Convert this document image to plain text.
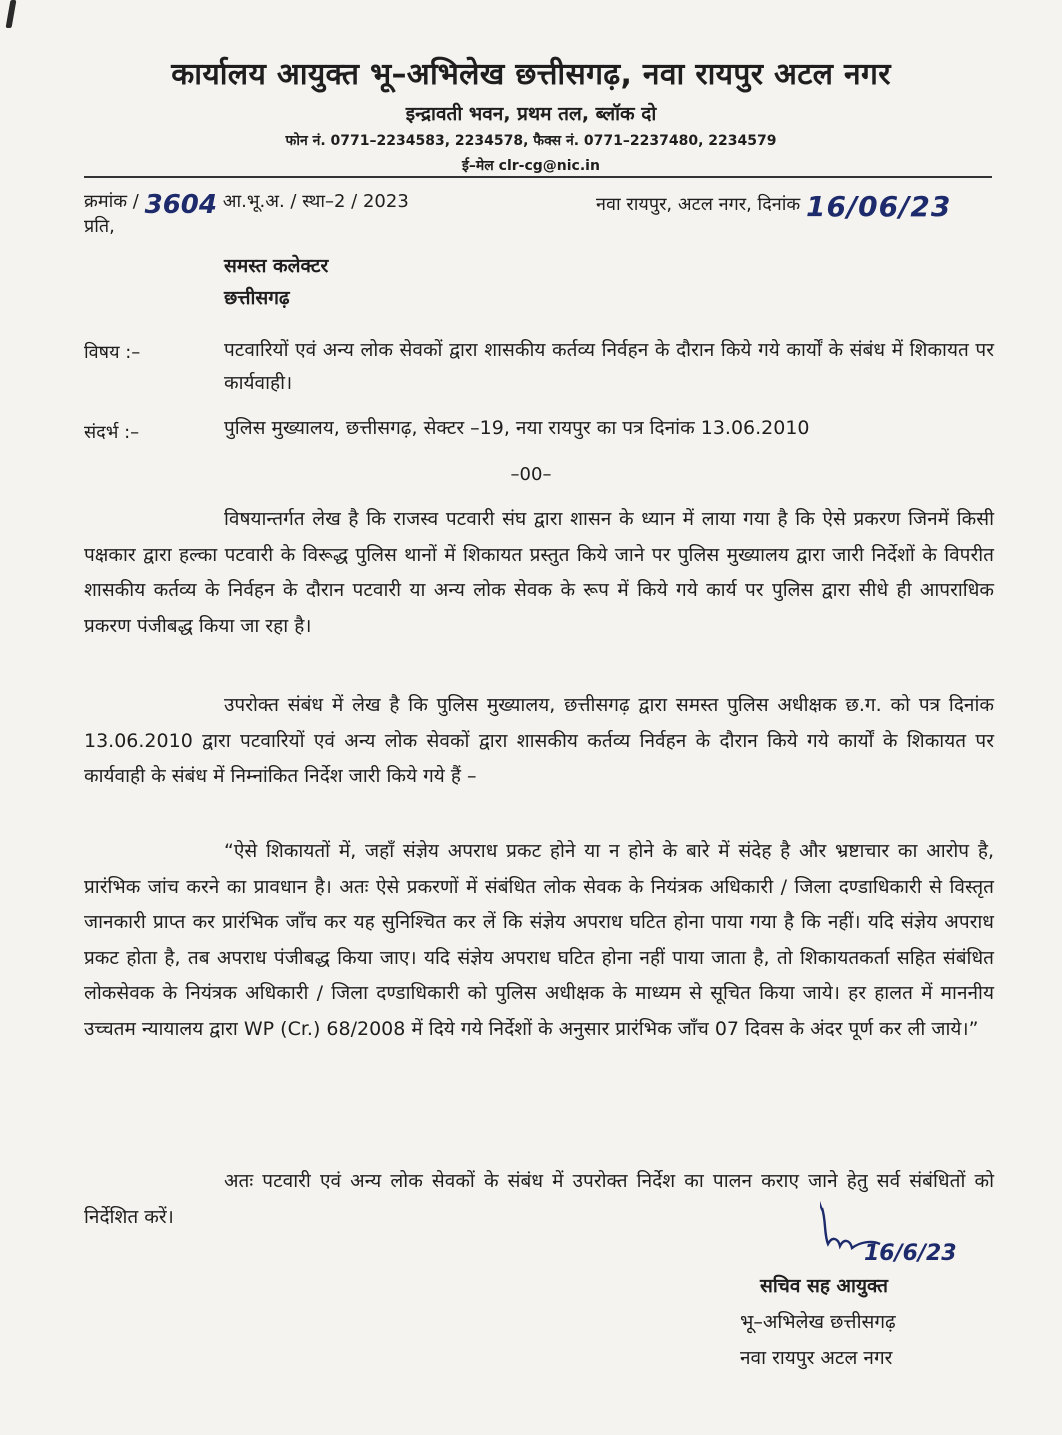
कार्यालय आयुक्त भू–अभिलेख छत्तीसगढ़, नवा रायपुर अटल नगर
इन्द्रावती भवन, प्रथम तल, ब्लॉक दो
फोन नं. 0771–2234583, 2234578, फैक्स नं. 0771–2237480, 2234579
ई–मेल clr-cg@nic.in
क्रमांक / 3604 आ.भू.अ. / स्था–2 / 2023	नवा रायपुर, अटल नगर, दिनांक 16/06/23
प्रति,
समस्त कलेक्टर
छत्तीसगढ़
विषय :–	पटवारियों एवं अन्य लोक सेवकों द्वारा शासकीय कर्तव्य निर्वहन के दौरान किये गये कार्यों के संबंध में शिकायत पर कार्यवाही।
संदर्भ :–	पुलिस मुख्यालय, छत्तीसगढ़, सेक्टर –19, नया रायपुर का पत्र दिनांक 13.06.2010
–00–
विषयान्तर्गत लेख है कि राजस्व पटवारी संघ द्वारा शासन के ध्यान में लाया गया है कि ऐसे प्रकरण जिनमें किसी पक्षकार द्वारा हल्का पटवारी के विरूद्ध पुलिस थानों में शिकायत प्रस्तुत किये जाने पर पुलिस मुख्यालय द्वारा जारी निर्देशों के विपरीत शासकीय कर्तव्य के निर्वहन के दौरान पटवारी या अन्य लोक सेवक के रूप में किये गये कार्य पर पुलिस द्वारा सीधे ही आपराधिक प्रकरण पंजीबद्ध किया जा रहा है।
उपरोक्त संबंध में लेख है कि पुलिस मुख्यालय, छत्तीसगढ़ द्वारा समस्त पुलिस अधीक्षक छ.ग. को पत्र दिनांक 13.06.2010 द्वारा पटवारियों एवं अन्य लोक सेवकों द्वारा शासकीय कर्तव्य निर्वहन के दौरान किये गये कार्यों के शिकायत पर कार्यवाही के संबंध में निम्नांकित निर्देश जारी किये गये हैं –
“ऐसे शिकायतों में, जहाँ संज्ञेय अपराध प्रकट होने या न होने के बारे में संदेह है और भ्रष्टाचार का आरोप है, प्रारंभिक जांच करने का प्रावधान है। अतः ऐसे प्रकरणों में संबंधित लोक सेवक के नियंत्रक अधिकारी / जिला दण्डाधिकारी से विस्तृत जानकारी प्राप्त कर प्रारंभिक जाँच कर यह सुनिश्चित कर लें कि संज्ञेय अपराध घटित होना पाया गया है कि नहीं। यदि संज्ञेय अपराध प्रकट होता है, तब अपराध पंजीबद्ध किया जाए। यदि संज्ञेय अपराध घटित होना नहीं पाया जाता है, तो शिकायतकर्ता सहित संबंधित लोकसेवक के नियंत्रक अधिकारी / जिला दण्डाधिकारी को पुलिस अधीक्षक के माध्यम से सूचित किया जाये। हर हालत में माननीय उच्चतम न्यायालय द्वारा WP (Cr.) 68/2008 में दिये गये निर्देशों के अनुसार प्रारंभिक जाँच 07 दिवस के अंदर पूर्ण कर ली जाये।”
अतः पटवारी एवं अन्य लोक सेवकों के संबंध में उपरोक्त निर्देश का पालन कराए जाने हेतु सर्व संबंधितों को निर्देशित करें।
16/6/23
सचिव सह आयुक्त
भू–अभिलेख छत्तीसगढ़
नवा रायपुर अटल नगर
